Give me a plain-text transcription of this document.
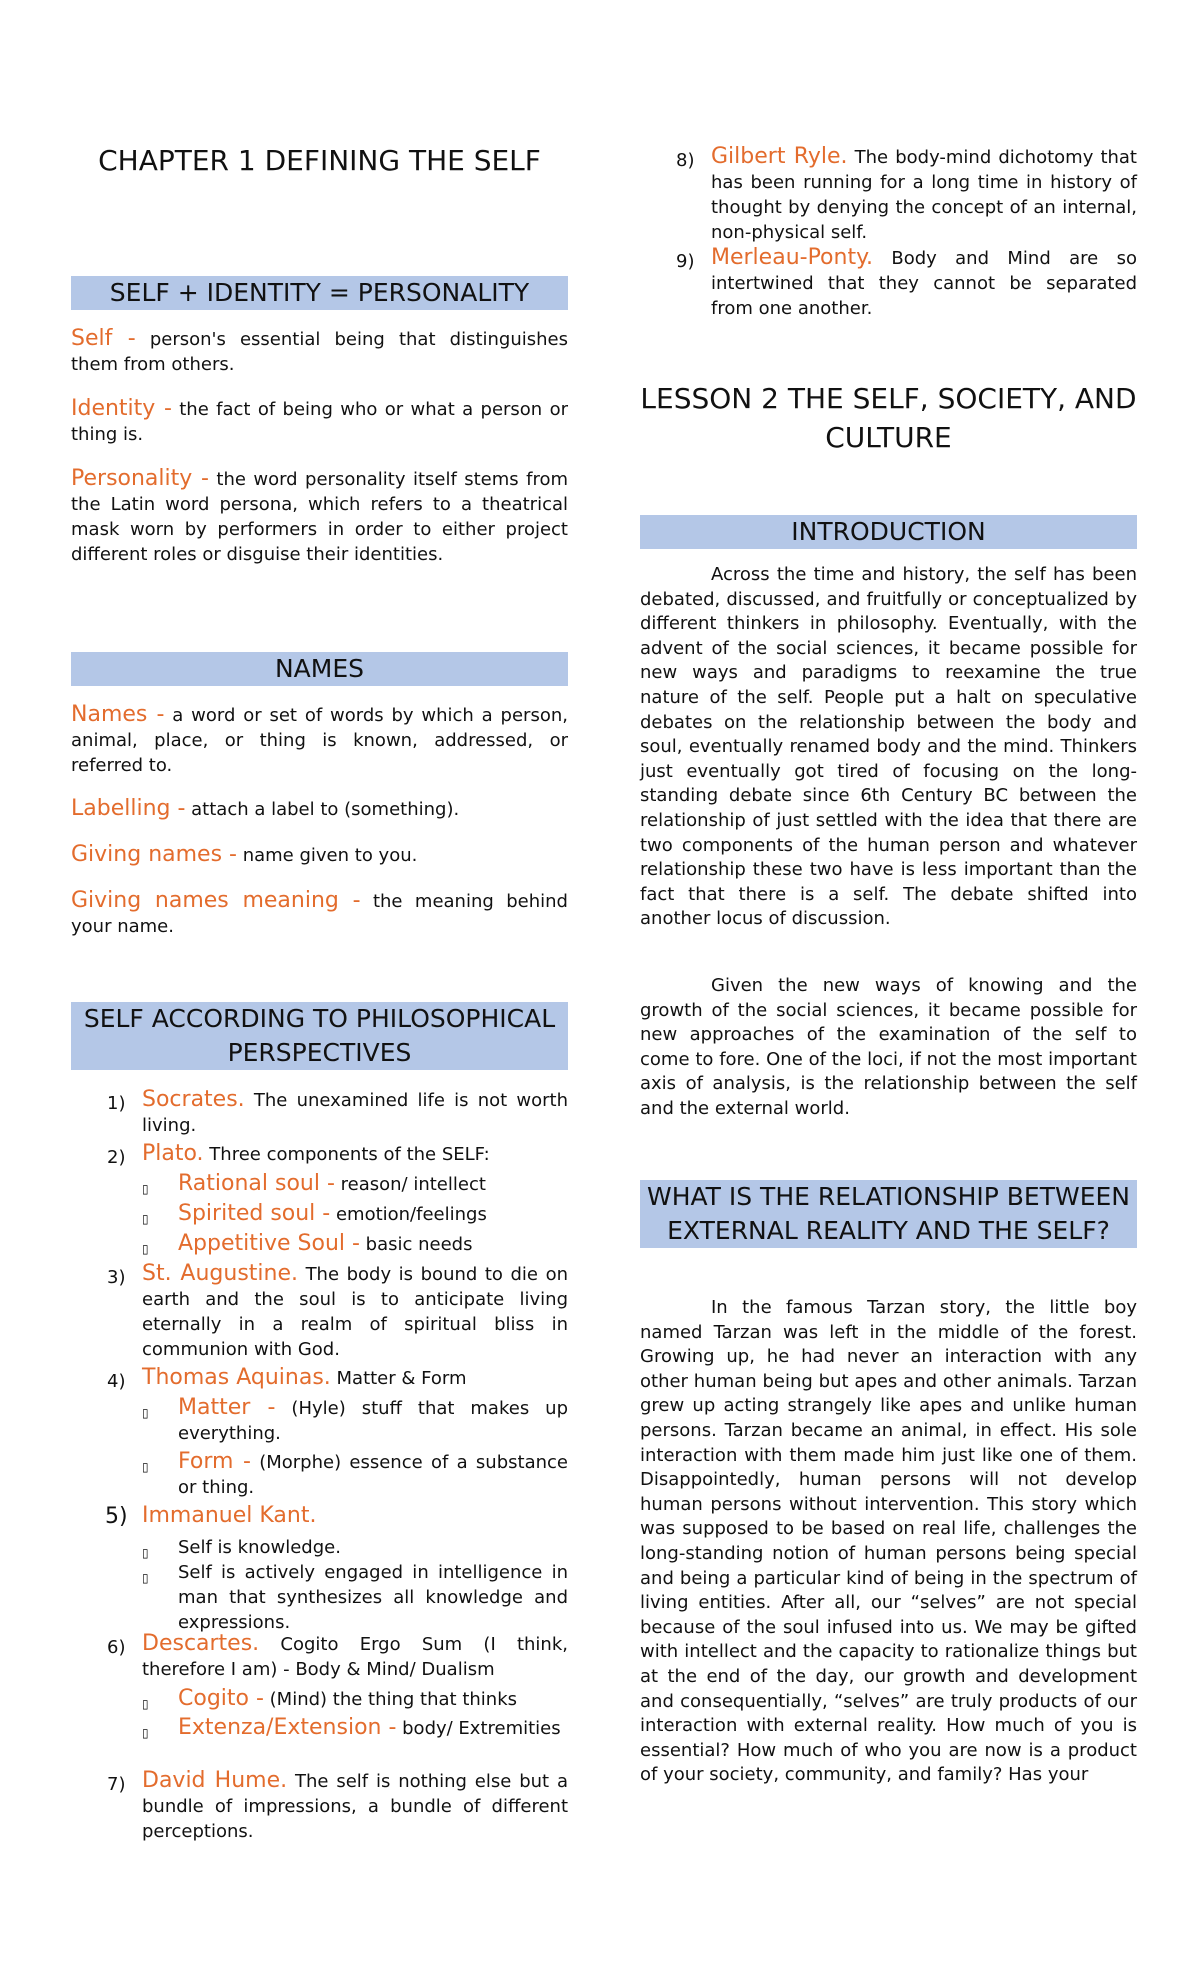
CHAPTER 1 DEFINING THE SELF
SELF + IDENTITY = PERSONALITY

Self - person's essential being that distinguishes them from others.

Identity - the fact of being who or what a person or thing is.

Personality - the word personality itself stems from the Latin word persona, which refers to a theatrical mask worn by performers in order to either project different roles or disguise their identities.

NAMES

Names - a word or set of words by which a person, animal, place, or thing is known, addressed, or referred to.

Labelling - attach a label to (something).

Giving names - name given to you.

Giving names meaning - the meaning behind your name.

SELF ACCORDING TO PHILOSOPHICAL PERSPECTIVES
1) Socrates. The unexamined life is not worth living.
2) Plato. Three components of the SELF:
▯ Rational soul - reason/ intellect
▯ Spirited soul - emotion/feelings
▯ Appetitive Soul - basic needs
3) St. Augustine. The body is bound to die on earth and the soul is to anticipate living eternally in a realm of spiritual bliss in communion with God.
4) Thomas Aquinas. Matter & Form
▯ Matter - (Hyle) stuff that makes up everything.
▯ Form - (Morphe) essence of a substance or thing.
5) Immanuel Kant.
▯ Self is knowledge.
▯ Self is actively engaged in intelligence in man that synthesizes all knowledge and expressions.
6) Descartes. Cogito Ergo Sum (I think, therefore I am) - Body & Mind/ Dualism
▯ Cogito - (Mind) the thing that thinks
▯ Extenza/Extension - body/ Extremities
7) David Hume. The self is nothing else but a bundle of impressions, a bundle of different perceptions.
8) Gilbert Ryle. The body-mind dichotomy that has been running for a long time in history of thought by denying the concept of an internal, non-physical self.
9) Merleau-Ponty. Body and Mind are so intertwined that they cannot be separated from one another.
LESSON 2 THE SELF, SOCIETY, AND CULTURE
INTRODUCTION

Across the time and history, the self has been debated, discussed, and fruitfully or conceptualized by different thinkers in philosophy. Eventually, with the advent of the social sciences, it became possible for new ways and paradigms to reexamine the true nature of the self. People put a halt on speculative debates on the relationship between the body and soul, eventually renamed body and the mind. Thinkers just eventually got tired of focusing on the long-standing debate since 6th Century BC between the relationship of just settled with the idea that there are two components of the human person and whatever relationship these two have is less important than the fact that there is a self. The debate shifted into another locus of discussion.

Given the new ways of knowing and the growth of the social sciences, it became possible for new approaches of the examination of the self to come to fore. One of the loci, if not the most important axis of analysis, is the relationship between the self and the external world.

WHAT IS THE RELATIONSHIP BETWEEN EXTERNAL REALITY AND THE SELF?

In the famous Tarzan story, the little boy named Tarzan was left in the middle of the forest. Growing up, he had never an interaction with any other human being but apes and other animals. Tarzan grew up acting strangely like apes and unlike human persons. Tarzan became an animal, in effect. His sole interaction with them made him just like one of them. Disappointedly, human persons will not develop human persons without intervention. This story which was supposed to be based on real life, challenges the long-standing notion of human persons being special and being a particular kind of being in the spectrum of living entities. After all, our “selves” are not special because of the soul infused into us. We may be gifted with intellect and the capacity to rationalize things but at the end of the day, our growth and development and consequentially, “selves” are truly products of our interaction with external reality. How much of you is essential? How much of who you are now is a product of your society, community, and family? Has your
